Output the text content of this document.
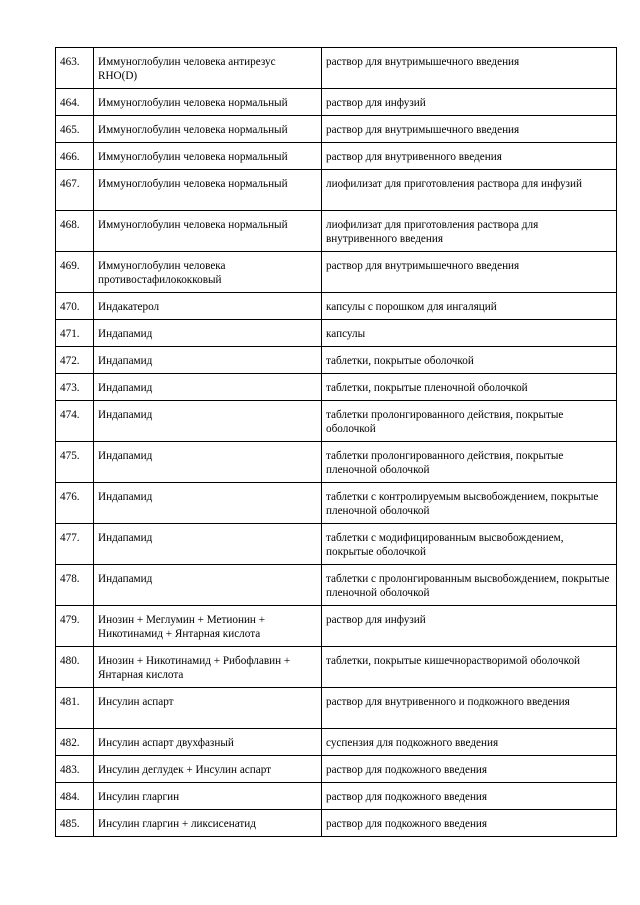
463.	Иммуноглобулин человека антирезус RHO(D)	раствор для внутримышечного введения
464.	Иммуноглобулин человека нормальный	раствор для инфузий
465.	Иммуноглобулин человека нормальный	раствор для внутримышечного введения
466.	Иммуноглобулин человека нормальный	раствор для внутривенного введения
467.	Иммуноглобулин человека нормальный	лиофилизат для приготовления раствора для инфузий
468.	Иммуноглобулин человека нормальный	лиофилизат для приготовления раствора для внутривенного введения
469.	Иммуноглобулин человека противостафилококковый	раствор для внутримышечного введения
470.	Индакатерол	капсулы с порошком для ингаляций
471.	Индапамид	капсулы
472.	Индапамид	таблетки, покрытые оболочкой
473.	Индапамид	таблетки, покрытые пленочной оболочкой
474.	Индапамид	таблетки пролонгированного действия, покрытые оболочкой
475.	Индапамид	таблетки пролонгированного действия, покрытые пленочной оболочкой
476.	Индапамид	таблетки с контролируемым высвобождением, покрытые пленочной оболочкой
477.	Индапамид	таблетки с модифицированным высвобождением, покрытые оболочкой
478.	Индапамид	таблетки с пролонгированным высвобождением, покрытые пленочной оболочкой
479.	Инозин + Меглумин + Метионин + Никотинамид + Янтарная кислота	раствор для инфузий
480.	Инозин + Никотинамид + Рибофлавин + Янтарная кислота	таблетки, покрытые кишечнорастворимой оболочкой
481.	Инсулин аспарт	раствор для внутривенного и подкожного введения
482.	Инсулин аспарт двухфазный	суспензия для подкожного введения
483.	Инсулин деглудек + Инсулин аспарт	раствор для подкожного введения
484.	Инсулин гларгин	раствор для подкожного введения
485.	Инсулин гларгин + ликсисенатид	раствор для подкожного введения
